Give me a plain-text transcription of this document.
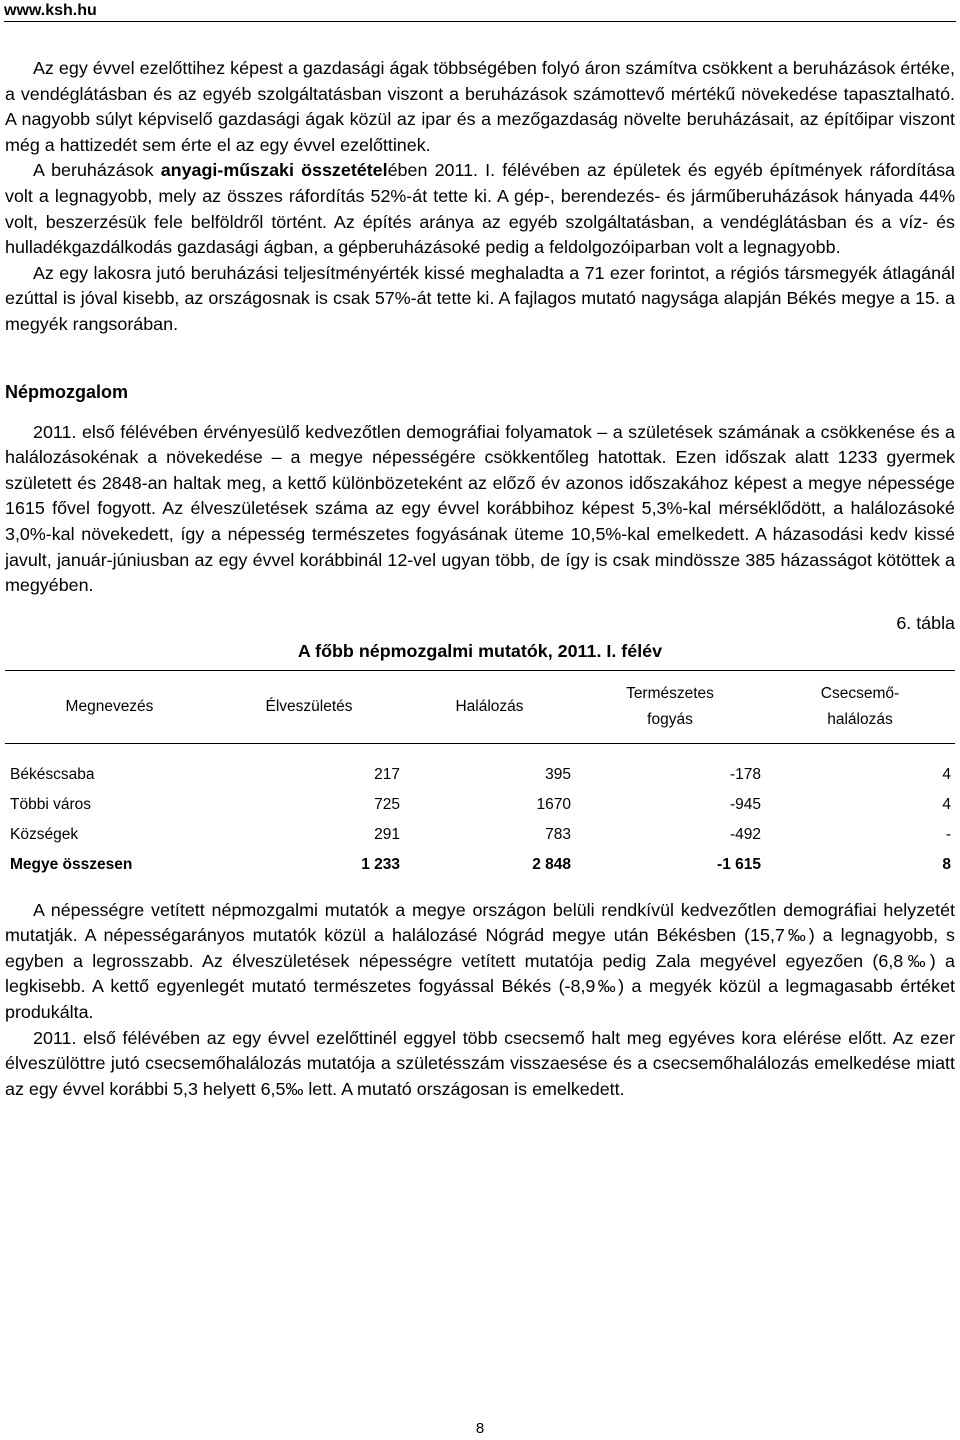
www.ksh.hu

Az egy évvel ezelőttihez képest a gazdasági ágak többségében folyó áron számítva csökkent a beruházások értéke, a vendéglátásban és az egyéb szolgáltatásban viszont a beruházások számottevő mértékű növekedése tapasztalható. A nagyobb súlyt képviselő gazdasági ágak közül az ipar és a mezőgazdaság növelte beruházásait, az építőipar viszont még a hattizedét sem érte el az egy évvel ezelőttinek.

A beruházások anyagi-műszaki összetételében 2011. I. félévében az épületek és egyéb építmények ráfordítása volt a legnagyobb, mely az összes ráfordítás 52%-át tette ki. A gép-, berendezés- és járműberuházások hányada 44% volt, beszerzésük fele belföldről történt. Az építés aránya az egyéb szolgáltatásban, a vendéglátásban és a víz- és hulladékgazdálkodás gazdasági ágban, a gépberuházásoké pedig a feldolgozóiparban volt a legnagyobb.

Az egy lakosra jutó beruházási teljesítményérték kissé meghaladta a 71 ezer forintot, a régiós társmegyék átlagánál ezúttal is jóval kisebb, az országosnak is csak 57%-át tette ki. A fajlagos mutató nagysága alapján Békés megye a 15. a megyék rangsorában.

Népmozgalom

2011. első félévében érvényesülő kedvezőtlen demográfiai folyamatok – a születések számának a csökkenése és a halálozásokénak a növekedése – a megye népességére csökkentőleg hatottak. Ezen időszak alatt 1233 gyermek született és 2848-an haltak meg, a kettő különbözeteként az előző év azonos időszakához képest a megye népessége 1615 fővel fogyott. Az élveszületések száma az egy évvel korábbihoz képest 5,3%-kal mérséklődött, a halálozásoké 3,0%-kal növekedett, így a népesség természetes fogyásának üteme 10,5%-kal emelkedett. A házasodási kedv kissé javult, január-júniusban az egy évvel korábbinál 12-vel ugyan több, de így is csak mindössze 385 házasságot kötöttek a megyében.

6. tábla
A főbb népmozgalmi mutatók, 2011. I. félév
Megnevezés	Élveszületés	Halálozás	Természetes
fogyás	Csecsemő-
halálozás
Békéscsaba	217	395	-178	4
Többi város	725	1670	-945	4
Községek	291	783	-492	-
Megye összesen	1 233	2 848	-1 615	8

A népességre vetített népmozgalmi mutatók a megye országon belüli rendkívül kedvezőtlen demográfiai helyzetét mutatják. A népességarányos mutatók közül a halálozásé Nógrád megye után Békésben (15,7‰) a legnagyobb, s egyben a legrosszabb. Az élveszületések népességre vetített mutatója pedig Zala megyével egyezően (6,8‰) a legkisebb. A kettő egyenlegét mutató természetes fogyással Békés (-8,9‰) a megyék közül a legmagasabb értéket produkálta.

2011. első félévében az egy évvel ezelőttinél eggyel több csecsemő halt meg egyéves kora elérése előtt. Az ezer élveszülöttre jutó csecsemőhalálozás mutatója a születésszám visszaesése és a csecsemőhalálozás emelkedése miatt az egy évvel korábbi 5,3 helyett 6,5‰ lett. A mutató országosan is emelkedett.

8
